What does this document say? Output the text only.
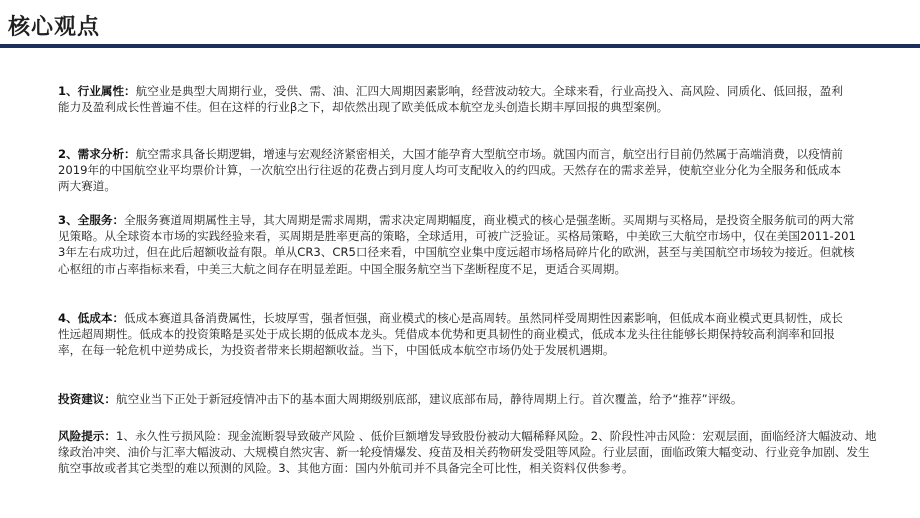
核心观点

1、行业属性：航空业是典型大周期行业，受供、需、油、汇四大周期因素影响，经营波动较大。全球来看，行业高投入、高风险、同质化、低回报，盈利能力及盈利成长性普遍不佳。但在这样的行业β之下，却依然出现了欧美低成本航空龙头创造长期丰厚回报的典型案例。

2、需求分析：航空需求具备长期逻辑，增速与宏观经济紧密相关，大国才能孕育大型航空市场。就国内而言，航空出行目前仍然属于高端消费，以疫情前2019年的中国航空业平均票价计算，一次航空出行往返的花费占到月度人均可支配收入的约四成。天然存在的需求差异，使航空业分化为全服务和低成本两大赛道。

3、全服务：全服务赛道周期属性主导，其大周期是需求周期，需求决定周期幅度，商业模式的核心是强垄断。买周期与买格局，是投资全服务航司的两大常见策略。从全球资本市场的实践经验来看，买周期是胜率更高的策略，全球适用，可被广泛验证。买格局策略，中美欧三大航空市场中，仅在美国2011-2013年左右成功过，但在此后超额收益有限。单从CR3、CR5口径来看，中国航空业集中度远超市场格局碎片化的欧洲，甚至与美国航空市场较为接近。但就核心枢纽的市占率指标来看，中美三大航之间存在明显差距。中国全服务航空当下垄断程度不足，更适合买周期。

4、低成本：低成本赛道具备消费属性，长坡厚雪，强者恒强，商业模式的核心是高周转。虽然同样受周期性因素影响，但低成本商业模式更具韧性，成长性远超周期性。低成本的投资策略是买处于成长期的低成本龙头。凭借成本优势和更具韧性的商业模式，低成本龙头往往能够长期保持较高利润率和回报率，在每一轮危机中逆势成长，为投资者带来长期超额收益。当下，中国低成本航空市场仍处于发展机遇期。

投资建议：航空业当下正处于新冠疫情冲击下的基本面大周期级别底部，建议底部布局，静待周期上行。首次覆盖，给予“推荐”评级。

风险提示：1、永久性亏损风险：现金流断裂导致破产风险 、低价巨额增发导致股份被动大幅稀释风险。2、阶段性冲击风险：宏观层面，面临经济大幅波动、地缘政治冲突、油价与汇率大幅波动、大规模自然灾害、新一轮疫情爆发、疫苗及相关药物研发受阻等风险。行业层面，面临政策大幅变动、行业竞争加剧、发生航空事故或者其它类型的难以预测的风险。3、其他方面：国内外航司并不具备完全可比性，相关资料仅供参考。
